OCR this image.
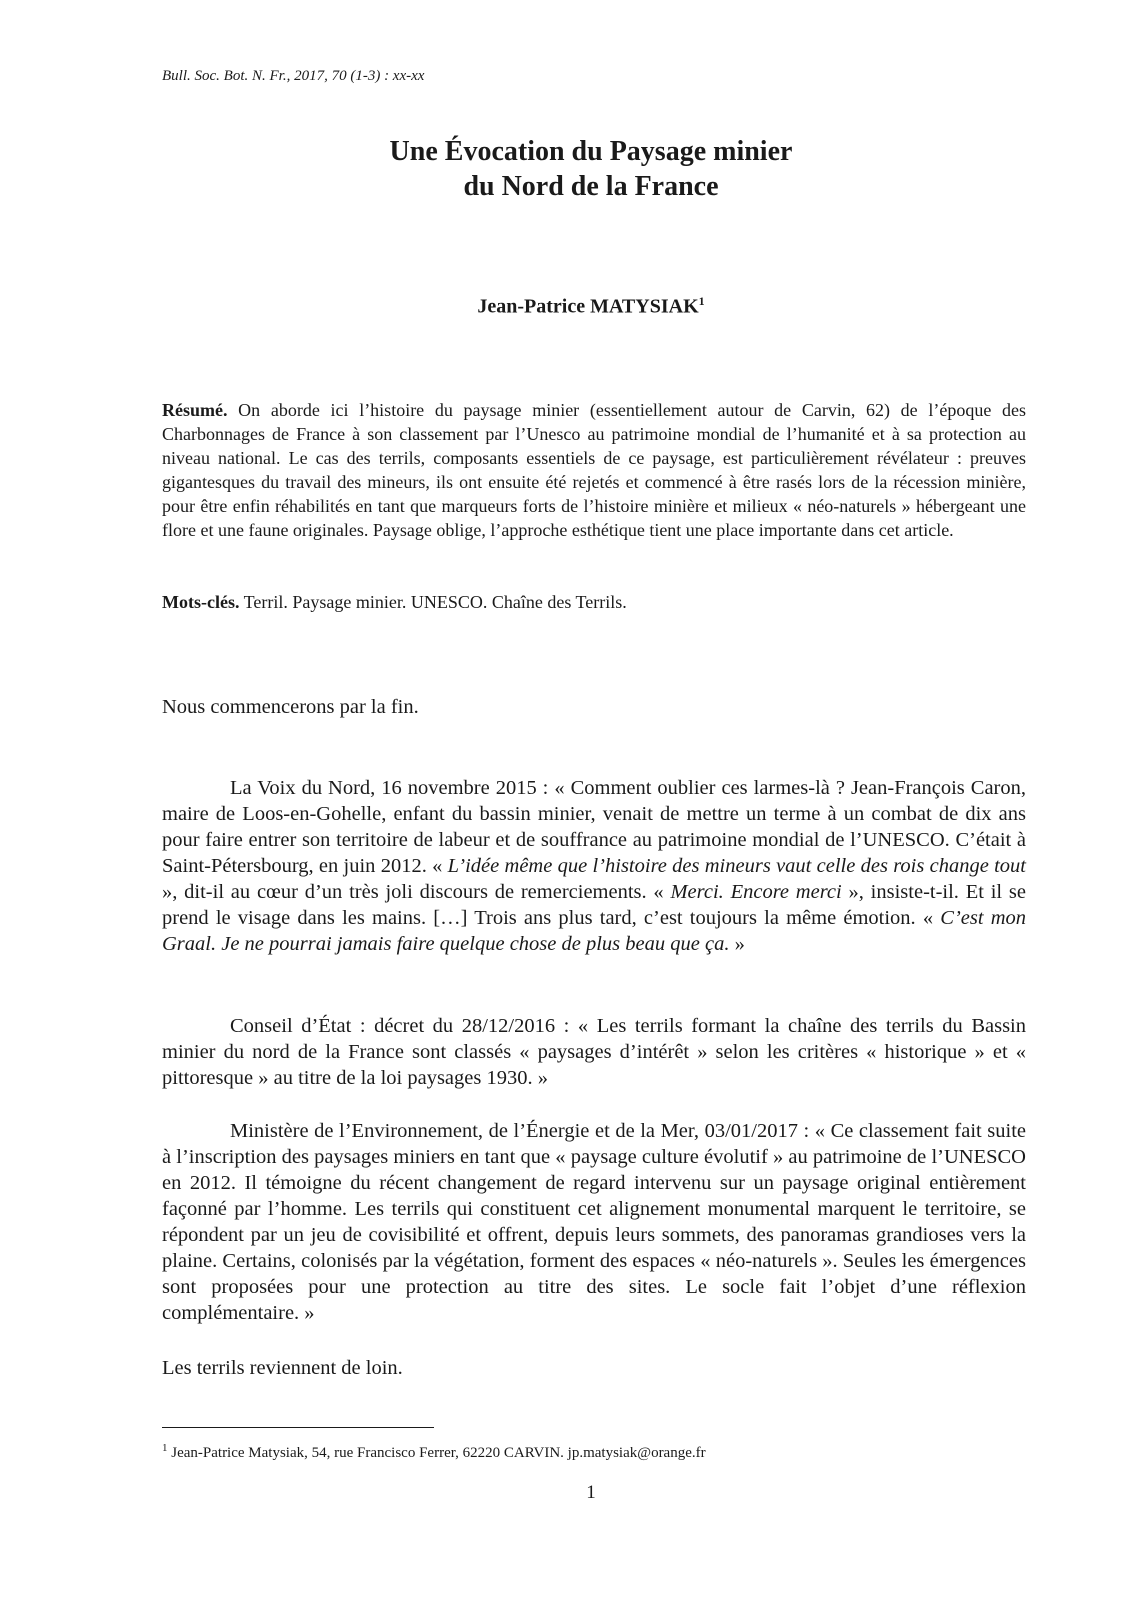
Bull. Soc. Bot. N. Fr., 2017, 70 (1-3) : xx-xx
Une Évocation du Paysage minier
du Nord de la France
Jean-Patrice MATYSIAK$^1$
Résumé. On aborde ici l’histoire du paysage minier (essentiellement autour de Carvin, 62) de l’époque des Charbonnages de France à son classement par l’Unesco au patrimoine mondial de l’humanité et à sa protection au niveau national. Le cas des terrils, composants essentiels de ce paysage, est particulièrement révélateur : preuves gigantesques du travail des mineurs, ils ont ensuite été rejetés et commencé à être rasés lors de la récession minière, pour être enfin réhabilités en tant que marqueurs forts de l’histoire minière et milieux « néo-naturels » hébergeant une flore et une faune originales. Paysage oblige, l’approche esthétique tient une place importante dans cet article.
Mots-clés. Terril. Paysage minier. UNESCO. Chaîne des Terrils.
Nous commencerons par la fin.
La Voix du Nord, 16 novembre 2015 : « Comment oublier ces larmes-là ? Jean-François Caron, maire de Loos-en-Gohelle, enfant du bassin minier, venait de mettre un terme à un combat de dix ans pour faire entrer son territoire de labeur et de souffrance au patrimoine mondial de l’UNESCO. C’était à Saint-Pétersbourg, en juin 2012. « L’idée même que l’histoire des mineurs vaut celle des rois change tout », dit-il au cœur d’un très joli discours de remerciements. « Merci. Encore merci », insiste-t-il. Et il se prend le visage dans les mains. […] Trois ans plus tard, c’est toujours la même émotion. « C’est mon Graal. Je ne pourrai jamais faire quelque chose de plus beau que ça. »
Conseil d’État : décret du 28/12/2016 : « Les terrils formant la chaîne des terrils du Bassin minier du nord de la France sont classés « paysages d’intérêt » selon les critères « historique » et « pittoresque » au titre de la loi paysages 1930. »
Ministère de l’Environnement, de l’Énergie et de la Mer, 03/01/2017 : « Ce classement fait suite à l’inscription des paysages miniers en tant que « paysage culture évolutif » au patrimoine de l’UNESCO en 2012. Il témoigne du récent changement de regard intervenu sur un paysage original entièrement façonné par l’homme. Les terrils qui constituent cet alignement monumental marquent le territoire, se répondent par un jeu de covisibilité et offrent, depuis leurs sommets, des panoramas grandioses vers la plaine. Certains, colonisés par la végétation, forment des espaces « néo-naturels ». Seules les émergences sont proposées pour une protection au titre des sites. Le socle fait l’objet d’une réflexion complémentaire. »
Les terrils reviennent de loin.
$^1$ Jean-Patrice Matysiak, 54, rue Francisco Ferrer, 62220 CARVIN. jp.matysiak@orange.fr
1
